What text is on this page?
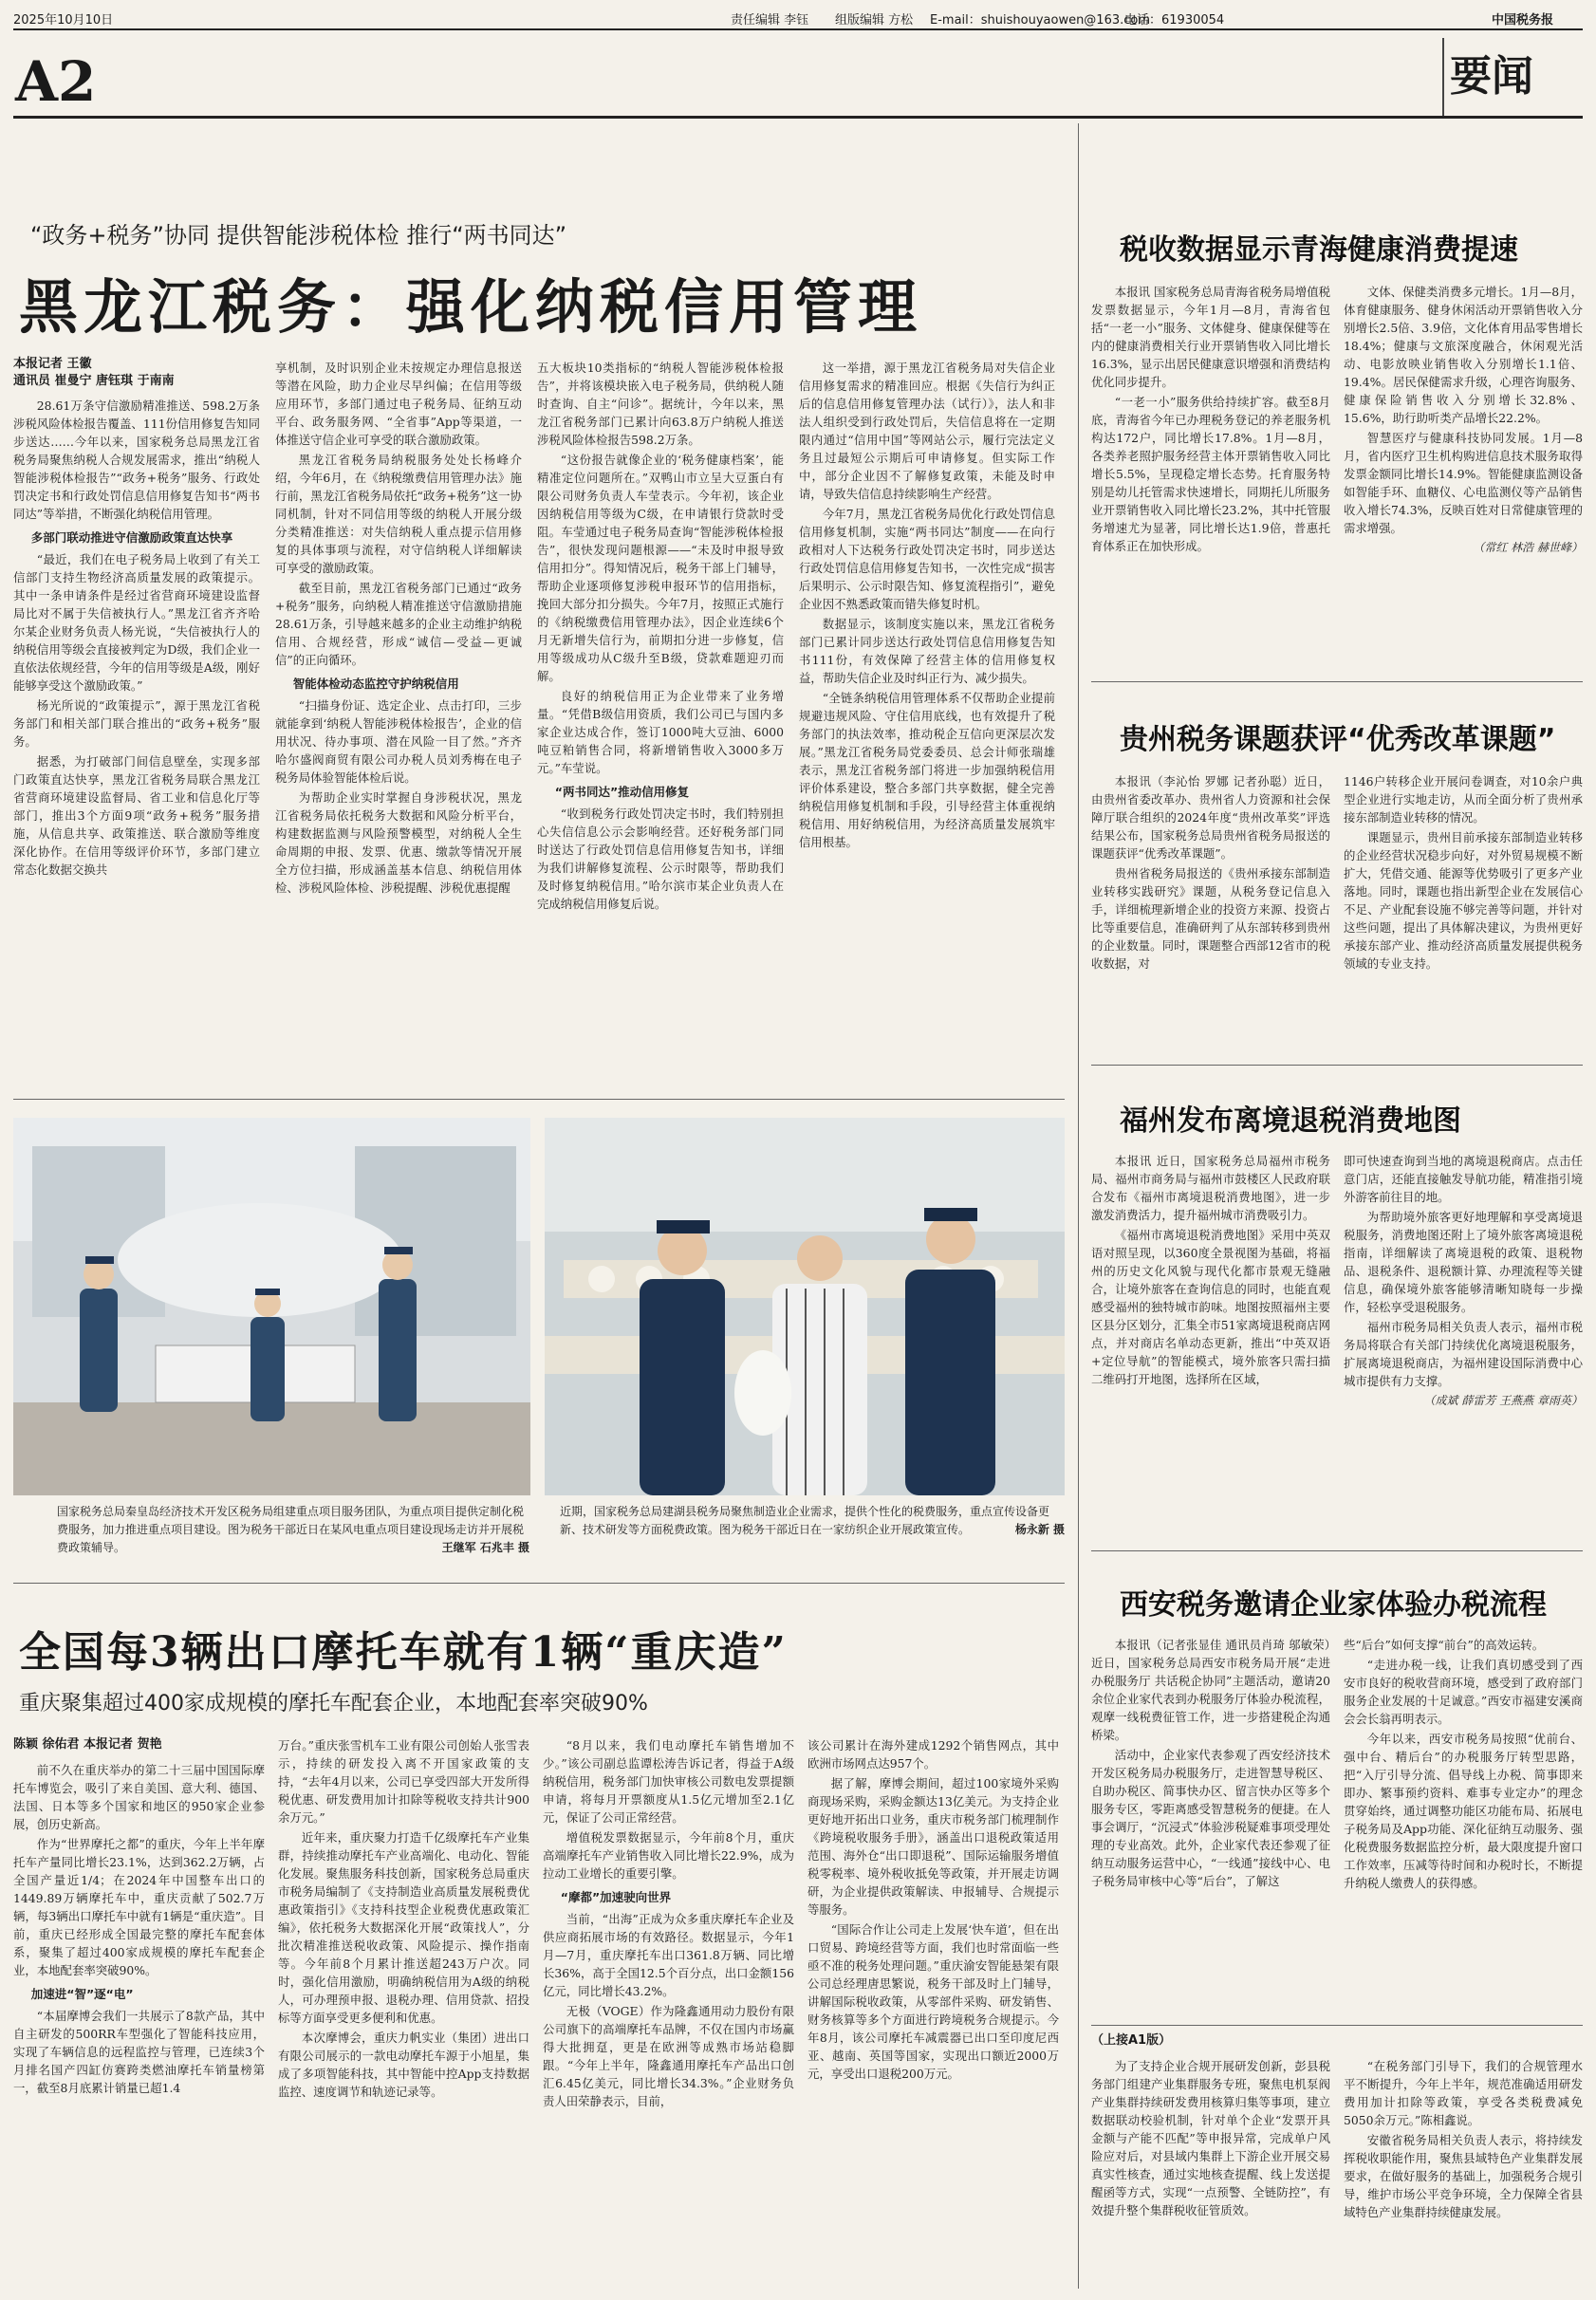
2025年10月10日	责任编辑 李钰 组版编辑 方松 E-mail：shuishouyaowen@163.com
电话：61930054	中国税务报
A2	要闻
“政务+税务”协同 提供智能涉税体检 推行“两书同达”
黑龙江税务：强化纳税信用管理
本报记者 王徽
通讯员 崔曼宁 唐钰琪 于南南

28.61万条守信激励精准推送、598.2万条涉税风险体检报告覆盖、111份信用修复告知同步送达……今年以来，国家税务总局黑龙江省税务局聚焦纳税人合规发展需求，推出“纳税人智能涉税体检报告”“政务+税务”服务、行政处罚决定书和行政处罚信息信用修复告知书“两书同达”等举措，不断强化纳税信用管理。

多部门联动推进守信激励政策直达快享

“最近，我们在电子税务局上收到了有关工信部门支持生物经济高质量发展的政策提示。其中一条申请条件是经过省营商环境建设监督局比对不属于失信被执行人。”黑龙江省齐齐哈尔某企业财务负责人杨光说，“失信被执行人的纳税信用等级会直接被判定为D级，我们企业一直依法依规经营，今年的信用等级是A级，刚好能够享受这个激励政策。”

杨光所说的“政策提示”，源于黑龙江省税务部门和相关部门联合推出的“政务+税务”服务。

据悉，为打破部门间信息壁垒，实现多部门政策直达快享，黑龙江省税务局联合黑龙江省营商环境建设监督局、省工业和信息化厅等部门，推出3个方面9项“政务+税务”服务措施，从信息共享、政策推送、联合激励等维度深化协作。在信用等级评价环节，多部门建立常态化数据交换共

享机制，及时识别企业未按规定办理信息报送等潜在风险，助力企业尽早纠偏；在信用等级应用环节，多部门通过电子税务局、征纳互动平台、政务服务网、“全省事”App等渠道，一体推送守信企业可享受的联合激励政策。

黑龙江省税务局纳税服务处处长杨峰介绍，今年6月，在《纳税缴费信用管理办法》施行前，黑龙江省税务局依托“政务+税务”这一协同机制，针对不同信用等级的纳税人开展分级分类精准推送：对失信纳税人重点提示信用修复的具体事项与流程，对守信纳税人详细解读可享受的激励政策。

截至目前，黑龙江省税务部门已通过“政务+税务”服务，向纳税人精准推送守信激励措施28.61万条，引导越来越多的企业主动维护纳税信用、合规经营，形成“诚信—受益—更诚信”的正向循环。

智能体检动态监控守护纳税信用

“扫描身份证、选定企业、点击打印，三步就能拿到‘纳税人智能涉税体检报告’，企业的信用状况、待办事项、潜在风险一目了然。”齐齐哈尔盛阀商贸有限公司办税人员刘秀梅在电子税务局体验智能体检后说。

为帮助企业实时掌握自身涉税状况，黑龙江省税务局依托税务大数据和风险分析平台，构建数据监测与风险预警模型，对纳税人全生命周期的申报、发票、优惠、缴款等情况开展全方位扫描，形成涵盖基本信息、纳税信用体检、涉税风险体检、涉税提醒、涉税优惠提醒

五大板块10类指标的“纳税人智能涉税体检报告”，并将该模块嵌入电子税务局，供纳税人随时查询、自主“问诊”。据统计，今年以来，黑龙江省税务部门已累计向63.8万户纳税人推送涉税风险体检报告598.2万条。

“这份报告就像企业的‘税务健康档案’，能精准定位问题所在。”双鸭山市立呈大豆蛋白有限公司财务负责人车莹表示。今年初，该企业因纳税信用等级为C级，在申请银行贷款时受阻。车莹通过电子税务局查询“智能涉税体检报告”，很快发现问题根源——“未及时申报导致信用扣分”。得知情况后，税务干部上门辅导，帮助企业逐项修复涉税申报环节的信用指标，挽回大部分扣分损失。今年7月，按照正式施行的《纳税缴费信用管理办法》，因企业连续6个月无新增失信行为，前期扣分进一步修复，信用等级成功从C级升至B级，贷款难题迎刃而解。

良好的纳税信用正为企业带来了业务增量。“凭借B级信用资质，我们公司已与国内多家企业达成合作，签订1000吨大豆油、6000吨豆粕销售合同，将新增销售收入3000多万元。”车莹说。

“两书同达”推动信用修复

“收到税务行政处罚决定书时，我们特别担心失信信息公示会影响经营。还好税务部门同时送达了行政处罚信息信用修复告知书，详细为我们讲解修复流程、公示时限等，帮助我们及时修复纳税信用。”哈尔滨市某企业负责人在完成纳税信用修复后说。

这一举措，源于黑龙江省税务局对失信企业信用修复需求的精准回应。根据《失信行为纠正后的信息信用修复管理办法（试行）》，法人和非法人组织受到行政处罚后，失信信息将在一定期限内通过“信用中国”等网站公示，履行完法定义务且过最短公示期后可申请修复。但实际工作中，部分企业因不了解修复政策，未能及时申请，导致失信信息持续影响生产经营。

今年7月，黑龙江省税务局优化行政处罚信息信用修复机制，实施“两书同达”制度——在向行政相对人下达税务行政处罚决定书时，同步送达行政处罚信息信用修复告知书，一次性完成“损害后果明示、公示时限告知、修复流程指引”，避免企业因不熟悉政策而错失修复时机。

数据显示，该制度实施以来，黑龙江省税务部门已累计同步送达行政处罚信息信用修复告知书111份，有效保障了经营主体的信用修复权益，帮助失信企业及时纠正行为、减少损失。

“全链条纳税信用管理体系不仅帮助企业提前规避违规风险、守住信用底线，也有效提升了税务部门的执法效率，推动税企互信向更深层次发展。”黑龙江省税务局党委委员、总会计师张瑞雄表示，黑龙江省税务部门将进一步加强纳税信用评价体系建设，整合多部门共享数据，健全完善纳税信用修复机制和手段，引导经营主体重视纳税信用、用好纳税信用，为经济高质量发展筑牢信用根基。

国家税务总局秦皇岛经济技术开发区税务局组建重点项目服务团队，为重点项目提供定制化税费服务，加力推进重点项目建设。图为税务干部近日在某风电重点项目建设现场走访并开展税费政策辅导。	王继军 石兆丰 摄
近期，国家税务总局建湖县税务局聚焦制造业企业需求，提供个性化的税费服务，重点宣传设备更新、技术研发等方面税费政策。图为税务干部近日在一家纺织企业开展政策宣传。	杨永新 摄
全国每3辆出口摩托车就有1辆“重庆造”
重庆聚集超过400家成规模的摩托车配套企业，本地配套率突破90%
陈颖 徐佑君 本报记者 贺艳

前不久在重庆举办的第二十三届中国国际摩托车博览会，吸引了来自美国、意大利、德国、法国、日本等多个国家和地区的950家企业参展，创历史新高。

作为“世界摩托之都”的重庆，今年上半年摩托车产量同比增长23.1%，达到362.2万辆，占全国产量近1/4；在2024年中国整车出口的1449.89万辆摩托车中，重庆贡献了502.7万辆，每3辆出口摩托车中就有1辆是“重庆造”。目前，重庆已经形成全国最完整的摩托车配套体系，聚集了超过400家成规模的摩托车配套企业，本地配套率突破90%。

加速进“智”逐“电”

“本届摩博会我们一共展示了8款产品，其中自主研发的500RR车型强化了智能科技应用，实现了车辆信息的远程监控与管理，已连续3个月排名国产四缸仿赛跨类燃油摩托车销量榜第一，截至8月底累计销量已超1.4

万台。”重庆张雪机车工业有限公司创始人张雪表示，持续的研发投入离不开国家政策的支持，“去年4月以来，公司已享受四部大开发所得税优惠、研发费用加计扣除等税收支持共计900余万元。”

近年来，重庆聚力打造千亿级摩托车产业集群，持续推动摩托车产业高端化、电动化、智能化发展。聚焦服务科技创新，国家税务总局重庆市税务局编制了《支持制造业高质量发展税费优惠政策指引》《支持科技型企业税费优惠政策汇编》，依托税务大数据深化开展“政策找人”，分批次精准推送税收政策、风险提示、操作指南等。今年前8个月累计推送超243万户次。同时，强化信用激励，明确纳税信用为A级的纳税人，可办理预申报、退税办理、信用贷款、招投标等方面享受更多便利和优惠。

本次摩博会，重庆力帆实业（集团）进出口有限公司展示的一款电动摩托车源于小旭星，集成了多项智能科技，其中智能中控App支持数据监控、速度调节和轨迹记录等。

“8月以来，我们电动摩托车销售增加不少。”该公司副总监谭松涛告诉记者，得益于A级纳税信用，税务部门加快审核公司数电发票提额申请，将每月开票额度从1.5亿元增加至2.1亿元，保证了公司正常经营。

增值税发票数据显示，今年前8个月，重庆高端摩托车产业销售收入同比增长22.9%，成为拉动工业增长的重要引擎。

“摩都”加速驶向世界

当前，“出海”正成为众多重庆摩托车企业及供应商拓展市场的有效路径。数据显示，今年1月—7月，重庆摩托车出口361.8万辆、同比增长36%，高于全国12.5个百分点，出口金额156亿元，同比增长43.2%。

无极（VOGE）作为隆鑫通用动力股份有限公司旗下的高端摩托车品牌，不仅在国内市场赢得大批拥趸，更是在欧洲等成熟市场站稳脚跟。“今年上半年，隆鑫通用摩托车产品出口创汇6.45亿美元，同比增长34.3%。”企业财务负责人田荣静表示，目前，

该公司累计在海外建成1292个销售网点，其中欧洲市场网点达957个。

据了解，摩博会期间，超过100家境外采购商现场采购，采购金额达13亿美元。为支持企业更好地开拓出口业务，重庆市税务部门梳理制作《跨境税收服务手册》，涵盖出口退税政策适用范围、海外仓“出口即退税”、国际运输服务增值税零税率、境外税收抵免等政策，并开展走访调研，为企业提供政策解读、申报辅导、合规提示等服务。

“国际合作让公司走上发展‘快车道’，但在出口贸易、跨境经营等方面，我们也时常面临一些亟不准的税务处理问题。”重庆渝安智能悬架有限公司总经理唐思繁说，税务干部及时上门辅导，讲解国际税收政策，从零部件采购、研发销售、财务核算等多个方面进行跨境税务合规提示。今年8月，该公司摩托车减震器已出口至印度尼西亚、越南、英国等国家，实现出口额近2000万元，享受出口退税200万元。

税收数据显示青海健康消费提速

本报讯 国家税务总局青海省税务局增值税发票数据显示，今年1月—8月，青海省包括“一老一小”服务、文体健身、健康保健等在内的健康消费相关行业开票销售收入同比增长16.3%，显示出居民健康意识增强和消费结构优化同步提升。

“一老一小”服务供给持续扩容。截至8月底，青海省今年已办理税务登记的养老服务机构达172户，同比增长17.8%。1月—8月，各类养老照护服务经营主体开票销售收入同比增长5.5%，呈现稳定增长态势。托育服务特别是幼儿托管需求快速增长，同期托儿所服务业开票销售收入同比增长23.2%，其中托管服务增速尤为显著，同比增长达1.9倍，普惠托育体系正在加快形成。

文体、保健类消费多元增长。1月—8月，体育健康服务、健身休闲活动开票销售收入分别增长2.5倍、3.9倍，文化体育用品零售增长18.4%；健康与文旅深度融合，休闲观光活动、电影放映业销售收入分别增长1.1倍、19.4%。居民保健需求升级，心理咨询服务、健康保险销售收入分别增长32.8%、15.6%，助行助听类产品增长22.2%。

智慧医疗与健康科技协同发展。1月—8月，省内医疗卫生机构购进信息技术服务取得发票金额同比增长14.9%。智能健康监测设备如智能手环、血糖仪、心电监测仪等产品销售收入增长74.3%，反映百姓对日常健康管理的需求增强。

（常红 林浩 赫世峰）
贵州税务课题获评“优秀改革课题”

本报讯（李沁怡 罗娜 记者孙聪）近日，由贵州省委改革办、贵州省人力资源和社会保障厅联合组织的2024年度“贵州改革奖”评选结果公布，国家税务总局贵州省税务局报送的课题获评“优秀改革课题”。

贵州省税务局报送的《贵州承接东部制造业转移实践研究》课题，从税务登记信息入手，详细梳理新增企业的投资方来源、投资占比等重要信息，准确研判了从东部转移到贵州的企业数量。同时，课题整合西部12省市的税收数据，对

1146户转移企业开展问卷调查，对10余户典型企业进行实地走访，从而全面分析了贵州承接东部制造业转移的情况。

课题显示，贵州目前承接东部制造业转移的企业经营状况稳步向好，对外贸易规模不断扩大，凭借交通、能源等优势吸引了更多产业落地。同时，课题也指出新型企业在发展信心不足、产业配套设施不够完善等问题，并针对这些问题，提出了具体解决建议，为贵州更好承接东部产业、推动经济高质量发展提供税务领域的专业支持。

福州发布离境退税消费地图

本报讯 近日，国家税务总局福州市税务局、福州市商务局与福州市鼓楼区人民政府联合发布《福州市离境退税消费地图》，进一步激发消费活力，提升福州城市消费吸引力。

《福州市离境退税消费地图》采用中英双语对照呈现，以360度全景视图为基础，将福州的历史文化风貌与现代化都市景观无缝融合，让境外旅客在查询信息的同时，也能直观感受福州的独特城市韵味。地图按照福州主要区县分区划分，汇集全市51家离境退税商店网点，并对商店名单动态更新，推出“中英双语+定位导航”的智能模式，境外旅客只需扫描二维码打开地图，选择所在区域，

即可快速查询到当地的离境退税商店。点击任意门店，还能直接触发导航功能，精准指引境外游客前往目的地。

为帮助境外旅客更好地理解和享受离境退税服务，消费地图还附上了境外旅客离境退税指南，详细解读了离境退税的政策、退税物品、退税条件、退税额计算、办理流程等关键信息，确保境外旅客能够清晰知晓每一步操作，轻松享受退税服务。

福州市税务局相关负责人表示，福州市税务局将联合有关部门持续优化离境退税服务，扩展离境退税商店，为福州建设国际消费中心城市提供有力支撑。

（成斌 薛雷芳 王燕燕 章雨英）
西安税务邀请企业家体验办税流程

本报讯（记者张显佳 通讯员肖琦 邬敏荣）近日，国家税务总局西安市税务局开展“走进办税服务厅 共话税企协同”主题活动，邀请20余位企业家代表到办税服务厅体验办税流程，观摩一线税费征管工作，进一步搭建税企沟通桥梁。

活动中，企业家代表参观了西安经济技术开发区税务局办税服务厅，走进智慧导税区、自助办税区、简事快办区、留言快办区等多个服务专区，零距离感受智慧税务的便捷。在人事会调厅，“沉浸式”体验涉税疑难事项受理处理的专业高效。此外，企业家代表还参观了征纳互动服务运营中心，“一线通”接线中心、电子税务局审核中心等“后台”，了解这

些“后台”如何支撑“前台”的高效运转。

“走进办税一线，让我们真切感受到了西安市良好的税收营商环境，感受到了政府部门服务企业发展的十足诚意。”西安市福建安溪商会会长翁再明表示。

今年以来，西安市税务局按照“优前台、强中台、精后台”的办税服务厅转型思路，把“入厅引导分流、倡导线上办税、简事即来即办、繁事预约资料、难事专业定办”的理念贯穿始终，通过调整功能区功能布局、拓展电子税务局及App功能、深化征纳互动服务、强化税费服务数据监控分析，最大限度提升窗口工作效率，压减等待时间和办税时长，不断提升纳税人缴费人的获得感。

（上接A1版）

为了支持企业合规开展研发创新，彭县税务部门组建产业集群服务专班，聚焦电机泵阀产业集群持续研发费用核算归集等事项，建立数据联动校验机制，针对单个企业“发票开具金额与产能不匹配”等申报异常，完成单户风险应对后，对县域内集群上下游企业开展交易真实性核查，通过实地核查提醒、线上发送提醒函等方式，实现“一点预警、全链防控”，有效提升整个集群税收征管质效。

“在税务部门引导下，我们的合规管理水平不断提升，今年上半年，规范准确适用研发费用加计扣除等政策，享受各类税费减免5050余万元。”陈相鑫说。

安徽省税务局相关负责人表示，将持续发挥税收职能作用，聚焦县域特色产业集群发展要求，在做好服务的基础上，加强税务合规引导，维护市场公平竞争环境，全力保障全省县域特色产业集群持续健康发展。
